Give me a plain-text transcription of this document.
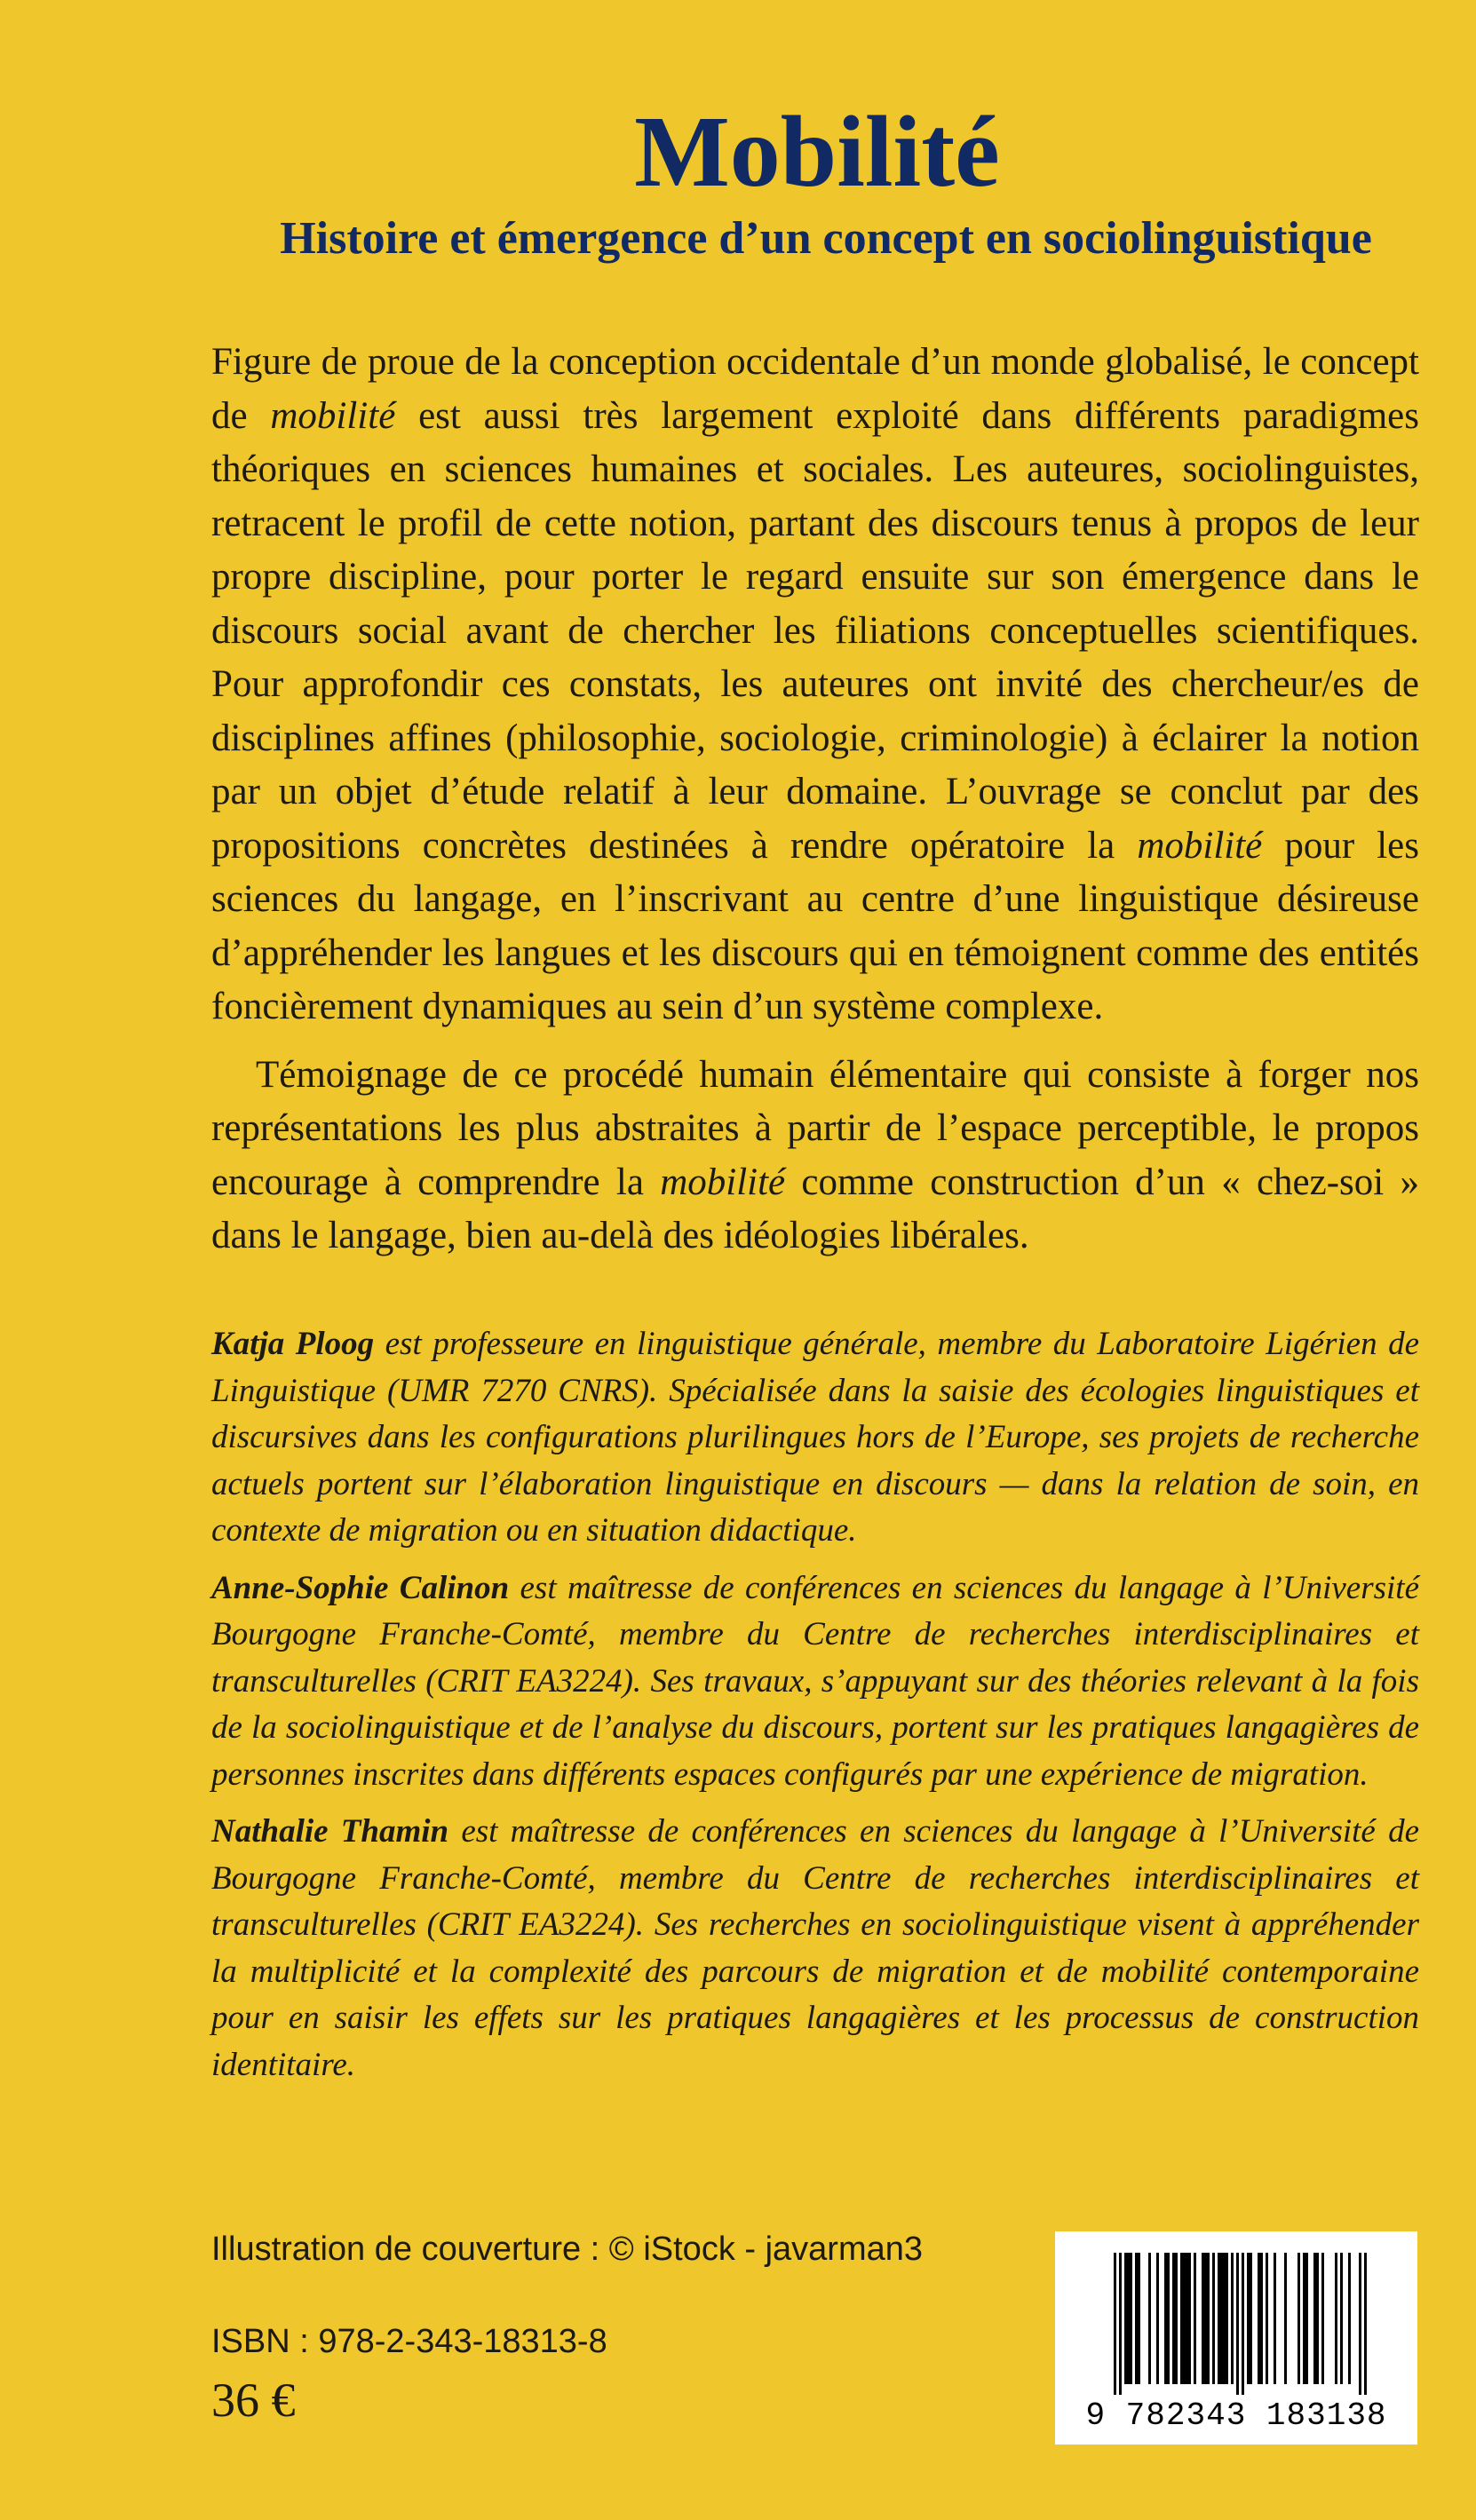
Mobilité
Histoire et émergence d’un concept en sociolinguistique

Figure de proue de la conception occidentale d’un monde globalisé, le concept de mobilité est aussi très largement exploité dans différents paradigmes théoriques en sciences humaines et sociales. Les auteures, sociolinguistes, retracent le profil de cette notion, partant des discours tenus à propos de leur propre discipline, pour porter le regard ensuite sur son émergence dans le discours social avant de chercher les filiations conceptuelles scientifiques. Pour approfondir ces constats, les auteures ont invité des chercheur/es de disciplines affines (philosophie, sociologie, criminologie) à éclairer la notion par un objet d’étude relatif à leur domaine. L’ouvrage se conclut par des propositions concrètes destinées à rendre opératoire la mobilité pour les sciences du langage, en l’inscrivant au centre d’une linguistique désireuse d’appréhender les langues et les discours qui en témoignent comme des entités foncièrement dynamiques au sein d’un système complexe.

Témoignage de ce procédé humain élémentaire qui consiste à forger nos représentations les plus abstraites à partir de l’espace perceptible, le propos encourage à comprendre la mobilité comme construction d’un « chez-soi » dans le langage, bien au-delà des idéologies libérales.

Katja Ploog est professeure en linguistique générale, membre du Laboratoire Ligérien de Linguistique (UMR 7270 CNRS). Spécialisée dans la saisie des écologies linguistiques et discursives dans les configurations plurilingues hors de l’Europe, ses projets de recherche actuels portent sur l’élaboration linguistique en discours — dans la relation de soin, en contexte de migration ou en situation didactique.

Anne-Sophie Calinon est maîtresse de conférences en sciences du langage à l’Université Bourgogne Franche-Comté, membre du Centre de recherches interdisciplinaires et transculturelles (CRIT EA3224). Ses travaux, s’appuyant sur des théories relevant à la fois de la sociolinguistique et de l’analyse du discours, portent sur les pratiques langagières de personnes inscrites dans différents espaces configurés par une expérience de migration.

Nathalie Thamin est maîtresse de conférences en sciences du langage à l’Université de Bourgogne Franche-Comté, membre du Centre de recherches interdisciplinaires et transculturelles (CRIT EA3224). Ses recherches en sociolinguistique visent à appréhender la multiplicité et la complexité des parcours de migration et de mobilité contemporaine pour en saisir les effets sur les pratiques langagières et les processus de construction identitaire.

Illustration de couverture : © iStock - javarman3

ISBN : 978-2-343-18313-8

36 €	9 782343 183138
